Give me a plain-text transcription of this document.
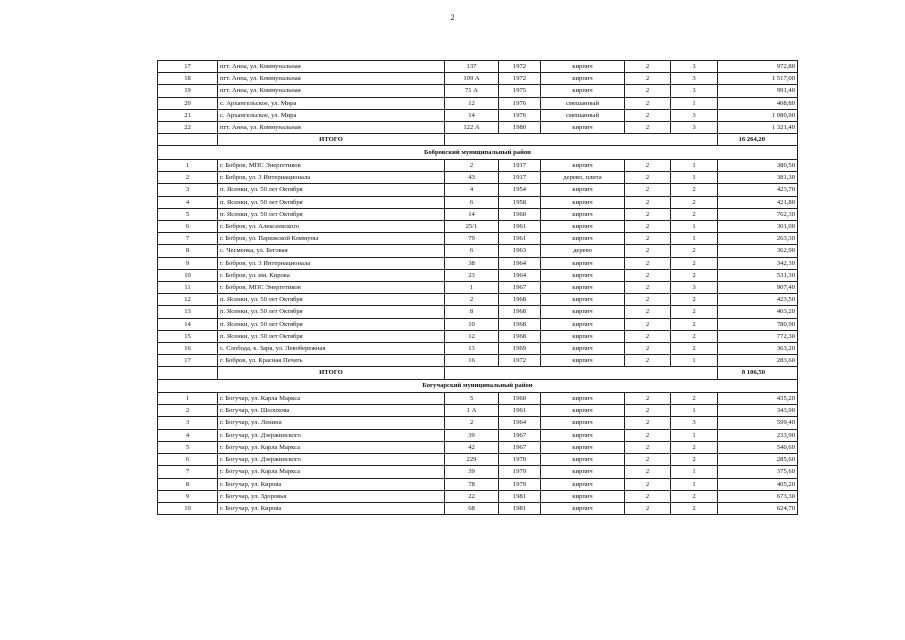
2
17	пгт. Анна, ул. Коммунальная	137	1972	кирпич	2	3	972,80
18	пгт. Анна, ул. Коммунальная	109 А	1972	кирпич	2	3	1 517,00
19	пгт. Анна, ул. Коммунальная	71 А	1975	кирпич	2	3	991,40
20	с. Архангельское, ул. Мира	12	1976	смешанный	2	1	408,80
21	с. Архангельское, ул. Мира	14	1976	смешанный	2	3	1 080,90
22	пгт. Анна, ул. Коммунальная	122 А	1980	кирпич	2	3	1 321,40
	ИТОГО						16 264,20
Бобровский муниципальный район							
1	г. Бобров, МПС Энергетиков	2	1917	кирпич	2	1	380,50
2	г. Бобров, ул. 3 Интернационала	43	1917	дерево, плита	2	1	381,30
3	п. Ясенки, ул. 50 лет Октября	4	1954	кирпич	2	2	423,70
4	п. Ясенки, ул. 50 лет Октября	6	1958	кирпич	2	2	421,80
5	п. Ясенки, ул. 50 лет Октября	14	1960	кирпич	2	2	762,30
6	г. Бобров, ул. Алексеевского	25/1	1961	кирпич	2	1	301,00
7	г. Бобров, ул. Парижской Коммуны	79	1961	кирпич	2	1	263,30
8	с. Чесменка, ул. Беговая	6	1963	дерево	2	2	362,90
9	г. Бобров, ул. 3 Интернационала	38	1964	кирпич	2	2	342,30
10	г. Бобров, ул. им. Кирова	23	1964	кирпич	2	2	531,30
11	г. Бобров, МПС Энергетиков	1	1967	кирпич	2	3	907,40
12	п. Ясенки, ул. 50 лет Октября	2	1968	кирпич	2	2	423,50
13	п. Ясенки, ул. 50 лет Октября	8	1968	кирпич	2	2	403,20
14	п. Ясенки, ул. 50 лет Октября	10	1968	кирпич	2	2	780,90
15	п. Ясенки, ул. 50 лет Октября	12	1968	кирпич	2	2	772,30
16	с. Слобода, к. Заря, ул. Левобережная	13	1969	кирпич	2	2	363,20
17	г. Бобров, ул. Красная Печать	16	1972	кирпич	2	1	283,60
	ИТОГО						8 106,50
Богучарский муниципальный район							
1	г. Богучар, ул. Карла Маркса	5	1960	кирпич	2	2	435,20
2	г. Богучар, ул. Шолохова	1 А	1961	кирпич	2	1	343,90
3	г. Богучар, ул. Ленина	2	1964	кирпич	2	3	599,40
4	г. Богучар, ул. Дзержинского	39	1967	кирпич	2	1	233,90
5	г. Богучар, ул. Карла Маркса	42	1967	кирпич	2	2	540,60
6	г. Богучар, ул. Дзержинского	229	1970	кирпич	2	2	285,60
7	г. Богучар, ул. Карла Маркса	39	1979	кирпич	2	1	375,60
8	г. Богучар, ул. Кирова	78	1979	кирпич	2	1	405,20
9	г. Богучар, ул. Здоровья	22	1981	кирпич	2	2	673,30
10	г. Богучар, ул. Кирова	68	1981	кирпич	2	2	624,70
